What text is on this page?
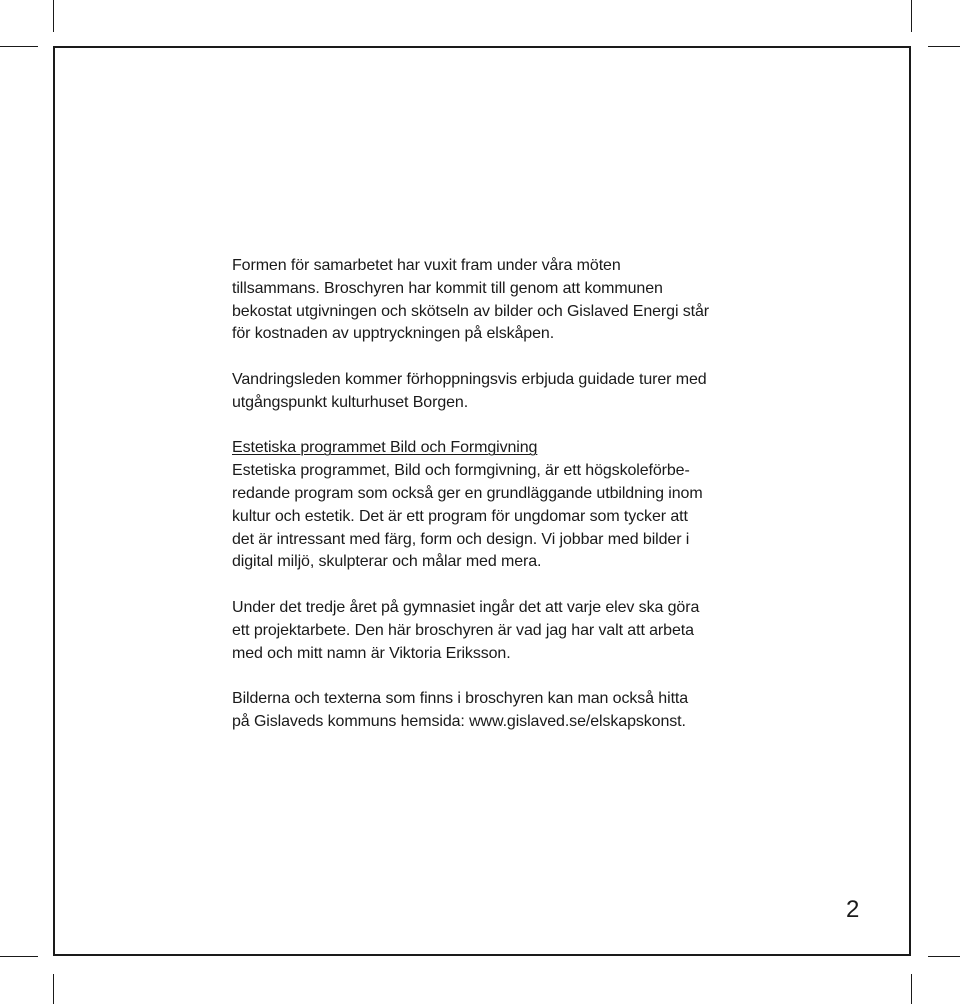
Formen för samarbetet har vuxit fram under våra möten
tillsammans. Broschyren har kommit till genom att kommunen
bekostat utgivningen och skötseln av bilder och Gislaved Energi står
för kostnaden av upptryckningen på elskåpen.

Vandringsleden kommer förhoppningsvis erbjuda guidade turer med
utgångspunkt kulturhuset Borgen.

Estetiska programmet Bild och Formgivning

Estetiska programmet, Bild och formgivning, är ett högskoleförbe-
redande program som också ger en grundläggande utbildning inom
kultur och estetik. Det är ett program för ungdomar som tycker att
det är intressant med färg, form och design. Vi jobbar med bilder i
digital miljö, skulpterar och målar med mera.

Under det tredje året på gymnasiet ingår det att varje elev ska göra
ett projektarbete. Den här broschyren är vad jag har valt att arbeta
med och mitt namn är Viktoria Eriksson.

Bilderna och texterna som finns i broschyren kan man också hitta
på Gislaveds kommuns hemsida: www.gislaved.se/elskapskonst.

2
